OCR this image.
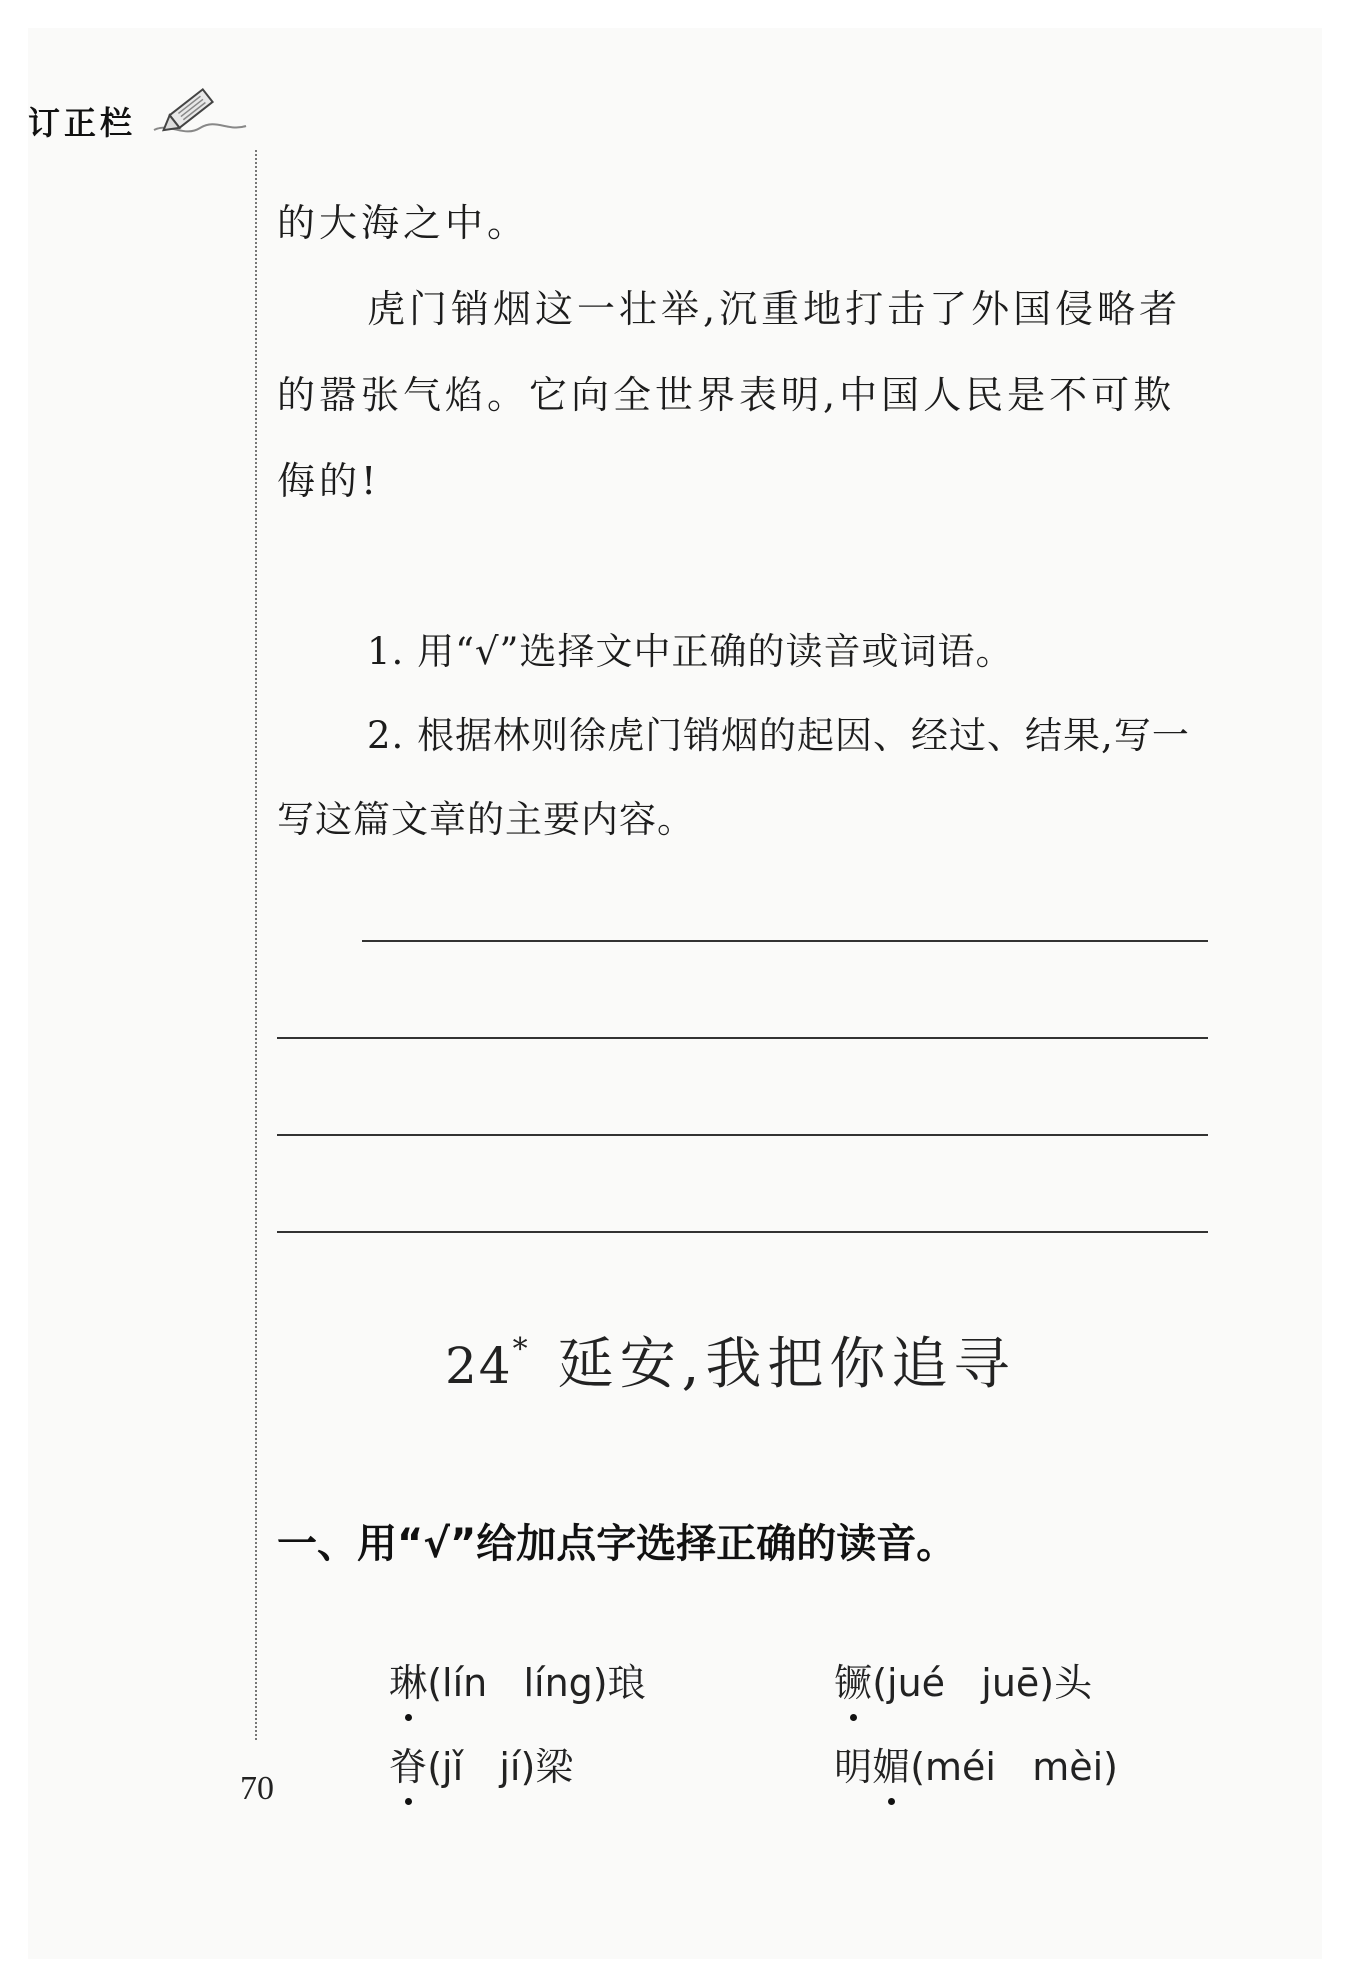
订正栏

的大海之中。

虎门销烟这一壮举,沉重地打击了外国侵略者的嚣张气焰。它向全世界表明,中国人民是不可欺侮的!

1. 用“√”选择文中正确的读音或词语。

2. 根据林则徐虎门销烟的起因、经过、结果,写一写这篇文章的主要内容。

24* 延安,我把你追寻
一、用“√”给加点字选择正确的读音。

琳(lín   líng)琅	镢(jué   juē)头

脊(jǐ   jí)梁	明媚(méi   mèi)

70
